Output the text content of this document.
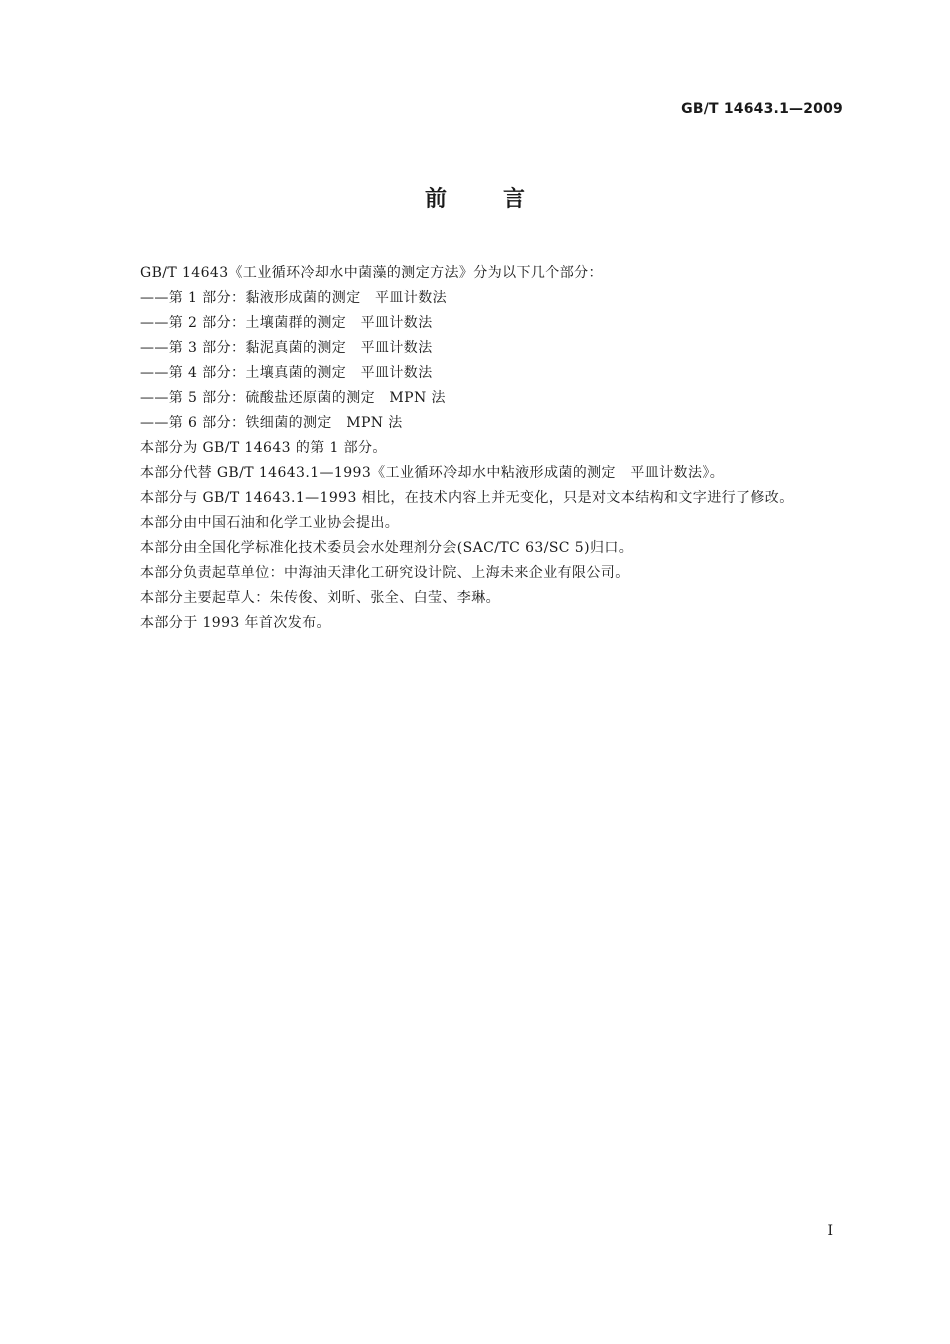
GB/T 14643.1—2009
前言

GB/T 14643《工业循环冷却水中菌藻的测定方法》分为以下几个部分：

——第 1 部分：黏液形成菌的测定　平皿计数法

——第 2 部分：土壤菌群的测定　平皿计数法

——第 3 部分：黏泥真菌的测定　平皿计数法

——第 4 部分：土壤真菌的测定　平皿计数法

——第 5 部分：硫酸盐还原菌的测定　MPN 法

——第 6 部分：铁细菌的测定　MPN 法

本部分为 GB/T 14643 的第 1 部分。

本部分代替 GB/T 14643.1—1993《工业循环冷却水中粘液形成菌的测定　平皿计数法》。

本部分与 GB/T 14643.1—1993 相比，在技术内容上并无变化，只是对文本结构和文字进行了修改。

本部分由中国石油和化学工业协会提出。

本部分由全国化学标准化技术委员会水处理剂分会(SAC/TC 63/SC 5)归口。

本部分负责起草单位：中海油天津化工研究设计院、上海未来企业有限公司。

本部分主要起草人：朱传俊、刘昕、张全、白莹、李琳。

本部分于 1993 年首次发布。

I
